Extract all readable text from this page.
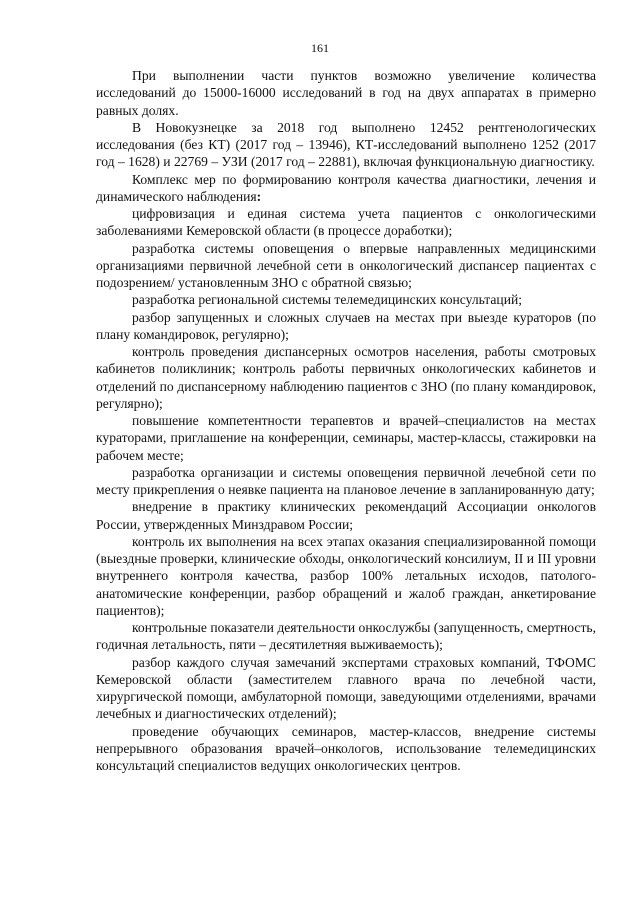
161

При выполнении части пунктов возможно увеличение количества исследований до 15000-16000 исследований в год на двух аппаратах в примерно равных долях.

В Новокузнецке за 2018 год выполнено 12452 рентгенологических исследования (без КТ) (2017 год – 13946), КТ-исследований выполнено 1252 (2017 год – 1628) и 22769 – УЗИ (2017 год – 22881), включая функциональную диагностику.

Комплекс мер по формированию контроля качества диагностики, лечения и динамического наблюдения:

цифровизация и единая система учета пациентов с онкологическими заболеваниями Кемеровской области (в процессе доработки);

разработка системы оповещения о впервые направленных медицинскими организациями первичной лечебной сети в онкологический диспансер пациентах с подозрением/ установленным ЗНО с обратной связью;

разработка региональной системы телемедицинских консультаций;

разбор запущенных и сложных случаев на местах при выезде кураторов (по плану командировок, регулярно);

контроль проведения диспансерных осмотров населения, работы смотровых кабинетов поликлиник; контроль работы первичных онкологических кабинетов и отделений по диспансерному наблюдению пациентов с ЗНО (по плану командировок, регулярно);

повышение компетентности терапевтов и врачей–специалистов на местах кураторами, приглашение на конференции, семинары, мастер-классы, стажировки на рабочем месте;

разработка организации и системы оповещения первичной лечебной сети по месту прикрепления о неявке пациента на плановое лечение в запланированную дату;

внедрение в практику клинических рекомендаций Ассоциации онкологов России, утвержденных Минздравом России;

контроль их выполнения на всех этапах оказания специализированной помощи (выездные проверки, клинические обходы, онкологический консилиум, II и III уровни внутреннего контроля качества, разбор 100% летальных исходов, патолого-анатомические конференции, разбор обращений и жалоб граждан, анкетирование пациентов);

контрольные показатели деятельности онкослужбы (запущенность, смертность, годичная летальность, пяти – десятилетняя выживаемость);

разбор каждого случая замечаний экспертами страховых компаний, ТФОМС Кемеровской области (заместителем главного врача по лечебной части, хирургической помощи, амбулаторной помощи, заведующими отделениями, врачами лечебных и диагностических отделений);

проведение обучающих семинаров, мастер-классов, внедрение системы непрерывного образования врачей–онкологов, использование телемедицинских консультаций специалистов ведущих онкологических центров.
